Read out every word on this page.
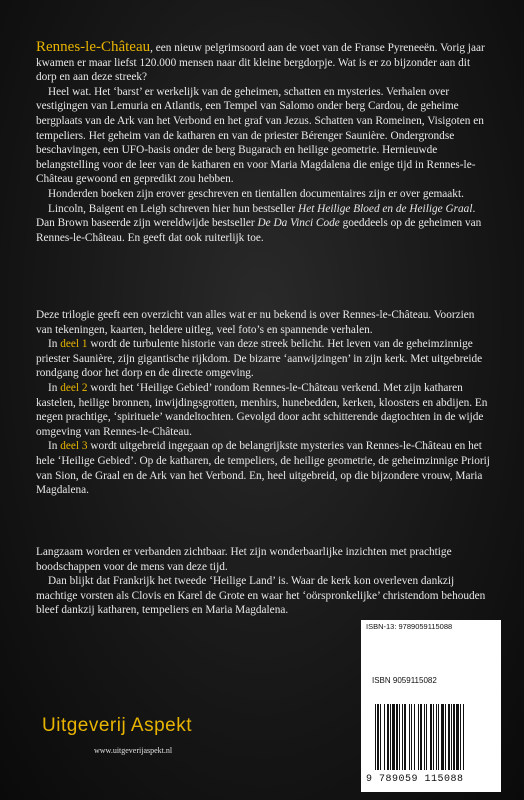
Rennes-le-Château, een nieuw pelgrimsoord aan de voet van de Franse Pyreneeën. Vorig jaar kwamen er maar liefst 120.000 mensen naar dit kleine bergdorpje. Wat is er zo bijzonder aan dit dorp en aan deze streek?

Heel wat. Het ‘barst’ er werkelijk van de geheimen, schatten en mysteries. Verhalen over vestigingen van Lemuria en Atlantis, een Tempel van Salomo onder berg Cardou, de geheime bergplaats van de Ark van het Verbond en het graf van Jezus. Schatten van Romeinen, Visigoten en tempeliers. Het geheim van de katharen en van de priester Bérenger Saunière. Ondergrondse beschavingen, een UFO-basis onder de berg Bugarach en heilige geometrie. Hernieuwde belangstelling voor de leer van de katharen en voor Maria Magdalena die enige tijd in Rennes-le-Château gewoond en gepredikt zou hebben.

Honderden boeken zijn erover geschreven en tientallen documentaires zijn er over gemaakt.

Lincoln, Baigent en Leigh schreven hier hun bestseller Het Heilige Bloed en de Heilige Graal. Dan Brown baseerde zijn wereldwijde bestseller De Da Vinci Code goeddeels op de geheimen van Rennes-le-Château. En geeft dat ook ruiterlijk toe.

Deze trilogie geeft een overzicht van alles wat er nu bekend is over Rennes-le-Château. Voorzien van tekeningen, kaarten, heldere uitleg, veel foto’s en spannende verhalen.

In deel 1 wordt de turbulente historie van deze streek belicht. Het leven van de geheimzinnige priester Saunière, zijn gigantische rijkdom. De bizarre ‘aanwijzingen’ in zijn kerk. Met uitgebreide rondgang door het dorp en de directe omgeving.

In deel 2 wordt het ‘Heilige Gebied’ rondom Rennes-le-Château verkend. Met zijn katharen kastelen, heilige bronnen, inwijdingsgrotten, menhirs, hunebedden, kerken, kloosters en abdijen. En negen prachtige, ‘spirituele’ wandeltochten. Gevolgd door acht schitterende dagtochten in de wijde omgeving van Rennes-le-Château.

In deel 3 wordt uitgebreid ingegaan op de belangrijkste mysteries van Rennes-le-Château en het hele ‘Heilige Gebied’. Op de katharen, de tempeliers, de heilige geometrie, de geheimzinnige Priorij van Sion, de Graal en de Ark van het Verbond. En, heel uitgebreid, op die bijzondere vrouw, Maria Magdalena.

Langzaam worden er verbanden zichtbaar. Het zijn wonderbaarlijke inzichten met prachtige boodschappen voor de mens van deze tijd.

Dan blijkt dat Frankrijk het tweede ‘Heilige Land’ is. Waar de kerk kon overleven dankzij machtige vorsten als Clovis en Karel de Grote en waar het ‘oörspronkelijke’ christendom behouden bleef dankzij katharen, tempeliers en Maria Magdalena.

ISBN-13: 9789059115088
ISBN 9059115082
9 789059 115088
Uitgeverij Aspekt
www.uitgeverijaspekt.nl
